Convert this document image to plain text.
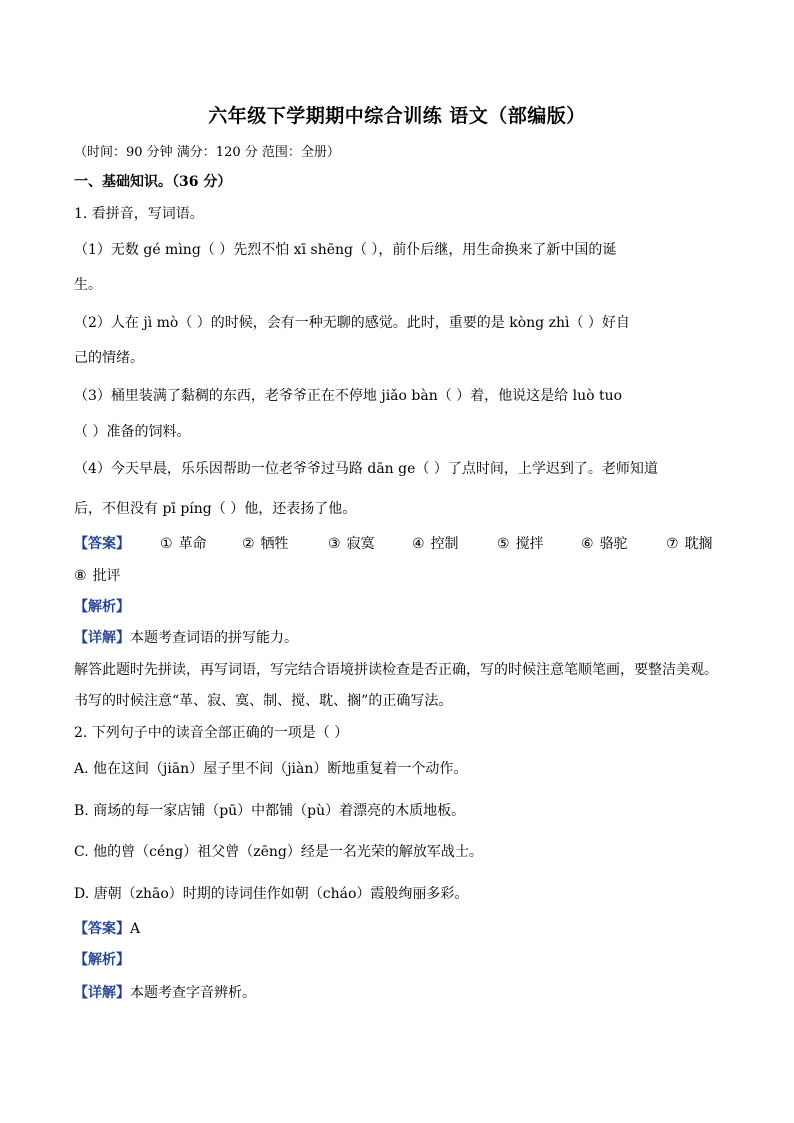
六年级下学期期中综合训练 语文（部编版）
（时间：90 分钟 满分：120 分 范围：全册）
一、基础知识。（36 分）
1. 看拼音，写词语。
（1）无数 gé mìng（ ）先烈不怕 xī shēng（ ），前仆后继，用生命换来了新中国的诞
生。
（2）人在 jì mò（ ）的时候，会有一种无聊的感觉。此时，重要的是 kòng zhì（ ）好自
己的情绪。
（3）桶里装满了黏稠的东西，老爷爷正在不停地 jiǎo bàn（ ）着，他说这是给 luò tuo
（ ）准备的饲料。
（4）今天早晨，乐乐因帮助一位老爷爷过马路 dān ge（ ）了点时间，上学迟到了。老师知道
后，不但没有 pī píng（ ）他，还表扬了他。
【答案】 ① 革命	② 牺牲	③ 寂寞	④ 控制	⑤ 搅拌	⑥ 骆驼	⑦ 耽搁
⑧ 批评
【解析】
【详解】本题考查词语的拼写能力。
解答此题时先拼读，再写词语，写完结合语境拼读检查是否正确，写的时候注意笔顺笔画，要整洁美观。
书写的时候注意“革、寂、寞、制、搅、耽、搁”的正确写法。
2. 下列句子中的读音全部正确的一项是（ ）
A. 他在这间（jiān）屋子里不间（jiàn）断地重复着一个动作。
B. 商场的每一家店铺（pū）中都铺（pù）着漂亮的木质地板。
C. 他的曾（céng）祖父曾（zēng）经是一名光荣的解放军战士。
D. 唐朝（zhāo）时期的诗词佳作如朝（cháo）霞般绚丽多彩。
【答案】A
【解析】
【详解】本题考查字音辨析。
